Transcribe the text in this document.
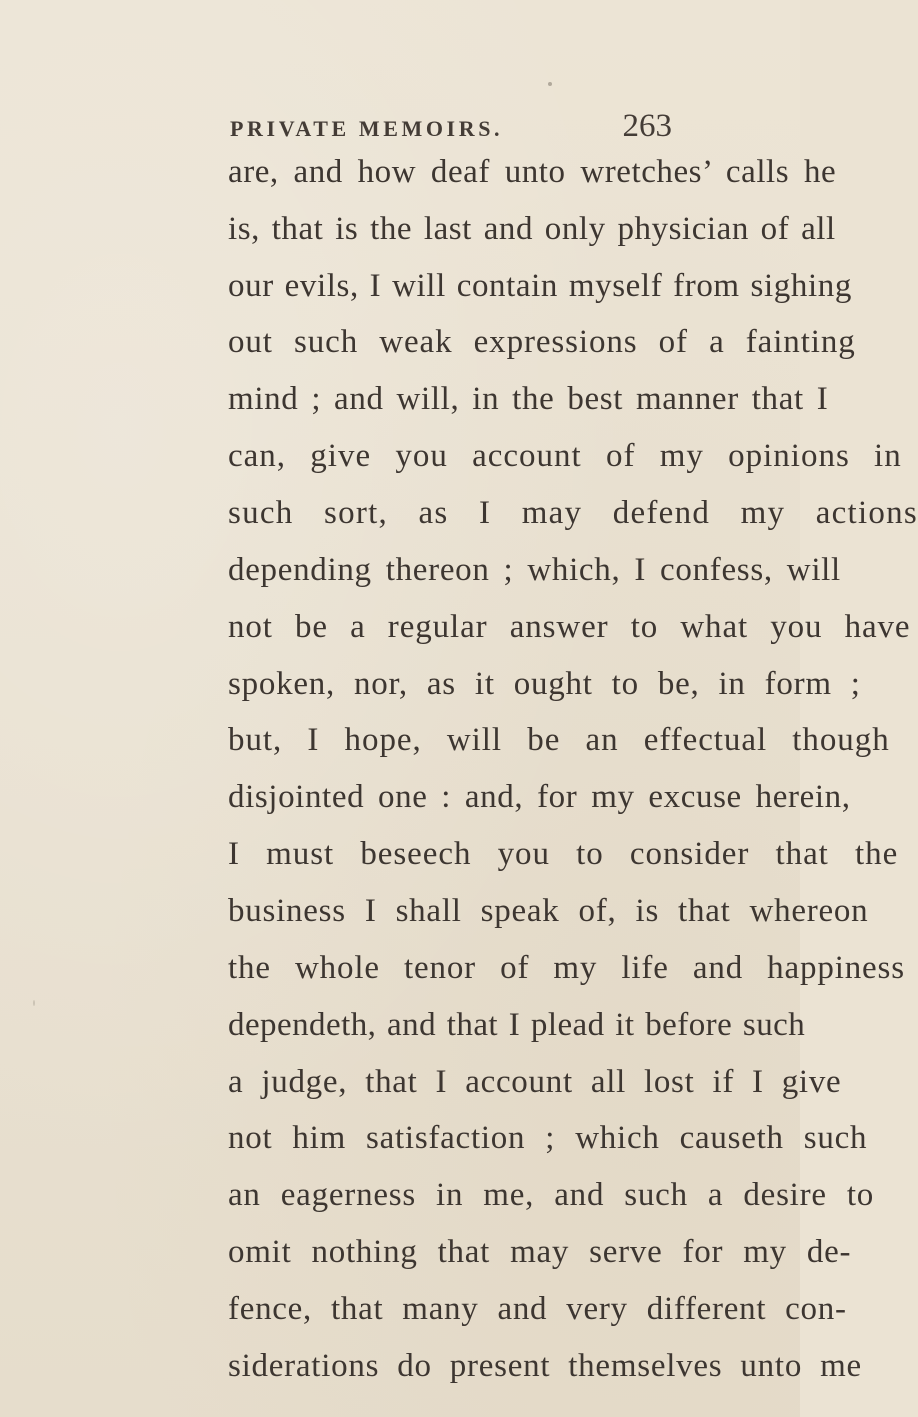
PRIVATE MEMOIRS.	263
are, and how deaf unto wretches’ calls he
is, that is the last and only physician of all
our evils, I will contain myself from sighing
out such weak expressions of a fainting
mind ; and will, in the best manner that I
can, give you account of my opinions in
such sort, as I may defend my actions
depending thereon ; which, I confess, will
not be a regular answer to what you have
spoken, nor, as it ought to be, in form ;
but, I hope, will be an effectual though
disjointed one : and, for my excuse herein,
I must beseech you to consider that the
business I shall speak of, is that whereon
the whole tenor of my life and happiness
dependeth, and that I plead it before such
a judge, that I account all lost if I give
not him satisfaction ; which causeth such
an eagerness in me, and such a desire to
omit nothing that may serve for my de-
fence, that many and very different con-
siderations do present themselves unto me
